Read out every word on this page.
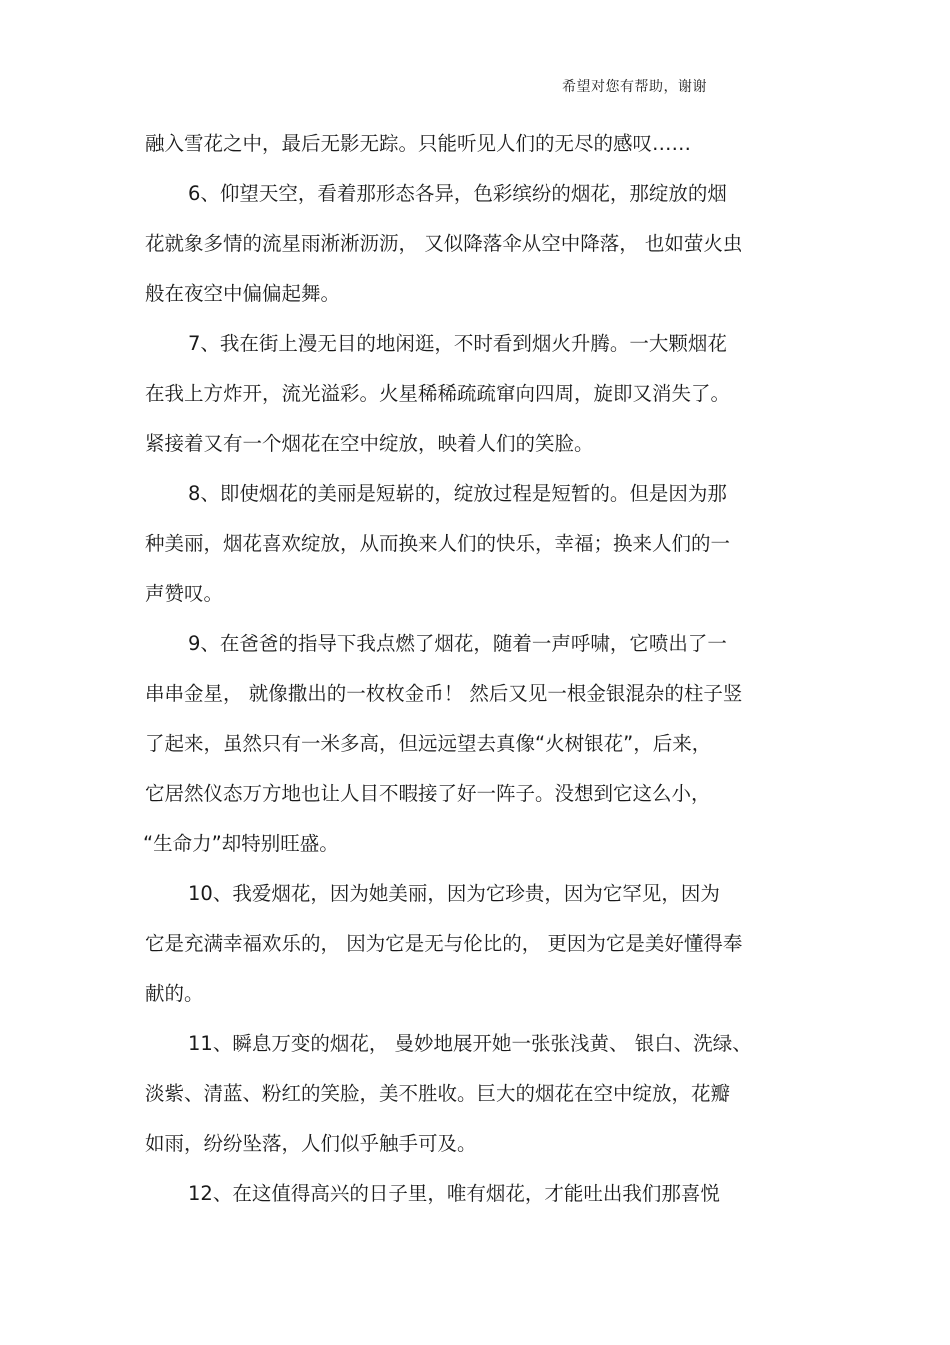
希望对您有帮助，谢谢
融入雪花之中，最后无影无踪。只能听见人们的无尽的感叹……
6、仰望天空，看着那形态各异，色彩缤纷的烟花，那绽放的烟
花就象多情的流星雨淅淅沥沥， 又似降落伞从空中降落， 也如萤火虫
般在夜空中偏偏起舞。
7、我在街上漫无目的地闲逛，不时看到烟火升腾。一大颗烟花
在我上方炸开，流光溢彩。火星稀稀疏疏窜向四周，旋即又消失了。
紧接着又有一个烟花在空中绽放，映着人们的笑脸。
8、即使烟花的美丽是短崭的，绽放过程是短暂的。但是因为那
种美丽，烟花喜欢绽放，从而换来人们的快乐，幸福；换来人们的一
声赞叹。
9、在爸爸的指导下我点燃了烟花，随着一声呼啸，它喷出了一
串串金星， 就像撒出的一枚枚金币！ 然后又见一根金银混杂的柱子竖
了起来，虽然只有一米多高，但远远望去真像“火树银花”，后来，
它居然仪态万方地也让人目不暇接了好一阵子。没想到它这么小，
“生命力”却特别旺盛。
10、我爱烟花，因为她美丽，因为它珍贵，因为它罕见，因为
它是充满幸福欢乐的， 因为它是无与伦比的， 更因为它是美好懂得奉
献的。
11、瞬息万变的烟花， 曼妙地展开她一张张浅黄、 银白、洗绿、
淡紫、清蓝、粉红的笑脸，美不胜收。巨大的烟花在空中绽放，花瓣
如雨，纷纷坠落，人们似乎触手可及。
12、在这值得高兴的日子里，唯有烟花，才能吐出我们那喜悦
